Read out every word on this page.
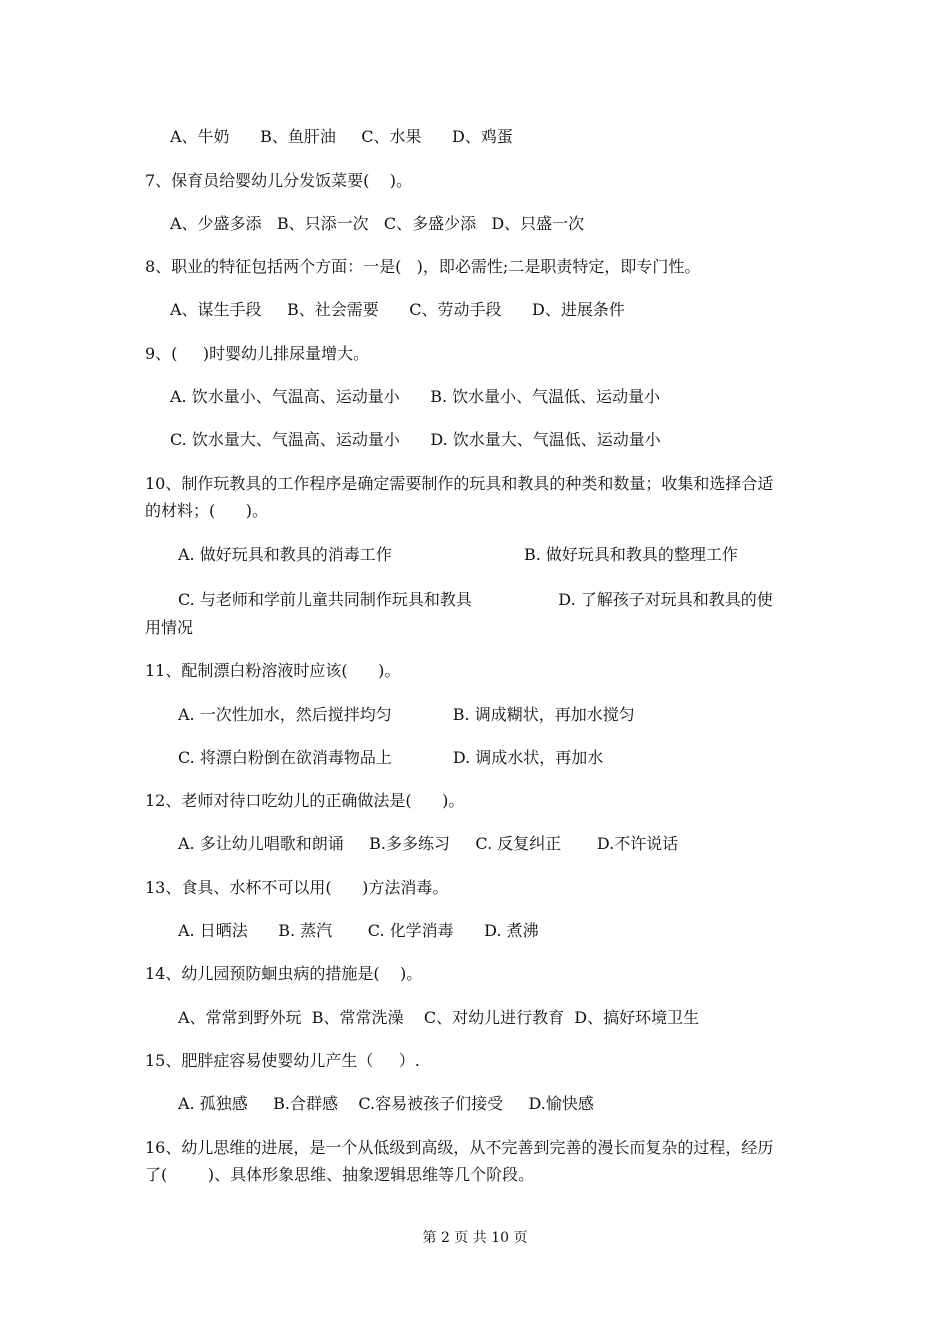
A、牛奶      B、鱼肝油     C、水果      D、鸡蛋
7、保育员给婴幼儿分发饭菜要(    )。
A、少盛多添   B、只添一次   C、多盛少添   D、只盛一次
8、职业的特征包括两个方面：一是(   )，即必需性;二是职责特定，即专门性。
A、谋生手段     B、社会需要      C、劳动手段      D、进展条件
9、(     )时婴幼儿排尿量增大。
A. 饮水量小、气温高、运动量小      B. 饮水量小、气温低、运动量小
C. 饮水量大、气温高、运动量小      D. 饮水量大、气温低、运动量小
10、制作玩教具的工作程序是确定需要制作的玩具和教具的种类和数量；收集和选择合适
的材料；(      )。
A. 做好玩具和教具的消毒工作                          B. 做好玩具和教具的整理工作
C. 与老师和学前儿童共同制作玩具和教具                 D. 了解孩子对玩具和教具的使
用情况
11、配制漂白粉溶液时应该(      )。
A. 一次性加水，然后搅拌均匀            B. 调成糊状，再加水搅匀
C. 将漂白粉倒在欲消毒物品上            D. 调成水状，再加水
12、老师对待口吃幼儿的正确做法是(      )。
A. 多让幼儿唱歌和朗诵     B.多多练习     C. 反复纠正       D.不许说话
13、食具、水杯不可以用(      )方法消毒。
A. 日晒法      B. 蒸汽       C. 化学消毒      D. 煮沸
14、幼儿园预防蛔虫病的措施是(    )。
A、常常到野外玩  B、常常洗澡    C、对幼儿进行教育  D、搞好环境卫生
15、肥胖症容易使婴幼儿产生（     ）.
A. 孤独感     B.合群感    C.容易被孩子们接受     D.愉快感
16、幼儿思维的进展，是一个从低级到高级，从不完善到完善的漫长而复杂的过程，经历
了(        )、具体形象思维、抽象逻辑思维等几个阶段。
第 2 页 共 10 页
